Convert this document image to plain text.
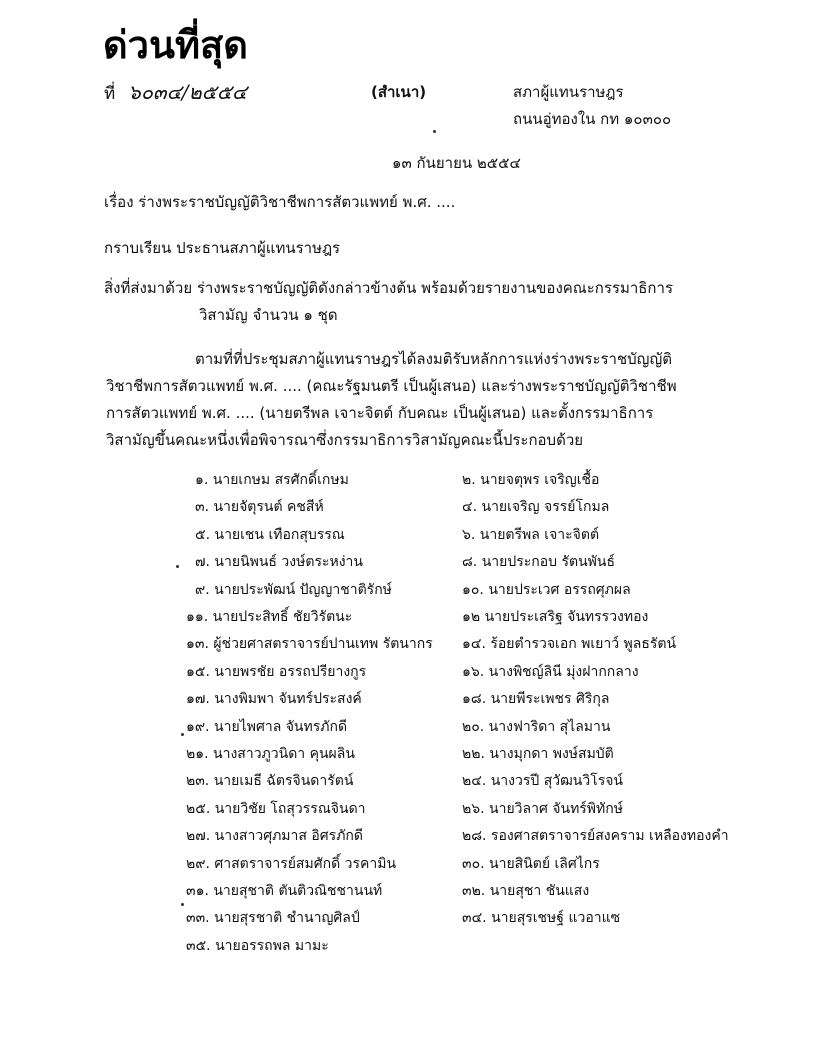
ด่วนที่สุด
ที่ ๖๐๓๔/๒๕๕๔	(สำเนา)	สภาผู้แทนราษฎร
ถนนอู่ทองใน กท ๑๐๓๐๐
๑๓ กันยายน ๒๕๕๔
เรื่อง ร่างพระราชบัญญัติวิชาชีพการสัตวแพทย์ พ.ศ. ....
กราบเรียน ประธานสภาผู้แทนราษฎร
สิ่งที่ส่งมาด้วย ร่างพระราชบัญญัติดังกล่าวข้างต้น พร้อมด้วยรายงานของคณะกรรมาธิการ
วิสามัญ จำนวน ๑ ชุด
ตามที่ที่ประชุมสภาผู้แทนราษฎรได้ลงมติรับหลักการแห่งร่างพระราชบัญญัติ
วิชาชีพการสัตวแพทย์ พ.ศ. .... (คณะรัฐมนตรี เป็นผู้เสนอ) และร่างพระราชบัญญัติวิชาชีพ
การสัตวแพทย์ พ.ศ. .... (นายตรีพล เจาะจิตต์ กับคณะ เป็นผู้เสนอ) และตั้งกรรมาธิการ
วิสามัญขึ้นคณะหนึ่งเพื่อพิจารณาซึ่งกรรมาธิการวิสามัญคณะนี้ประกอบด้วย
๑. นายเกษม สรศักดิ์เกษม
๓. นายจัตุรนต์ คชสีห์
๕. นายเชน เทือกสุบรรณ
๗. นายนิพนธ์ วงษ์ตระหง่าน
๙. นายประพัฒน์ ปัญญาชาติรักษ์
๑๑. นายประสิทธิ์ ชัยวิรัตนะ
๑๓. ผู้ช่วยศาสตราจารย์ปานเทพ รัตนากร
๑๕. นายพรชัย อรรถปรียางกูร
๑๗. นางพิมพา จันทร์ประสงค์
๑๙. นายไพศาล จันทรภักดี
๒๑. นางสาวภูวนิดา คุนผลิน
๒๓. นายเมธี ฉัตรจินดารัตน์
๒๕. นายวิชัย โถสุวรรณจินดา
๒๗. นางสาวศุภมาส อิศรภักดี
๒๙. ศาสตราจารย์สมศักดิ์ วรคามิน
๓๑. นายสุชาติ ตันติวณิชชานนท์
๓๓. นายสุรชาติ ชำนาญศิลป์
๓๕. นายอรรถพล มามะ
๒. นายจตุพร เจริญเชื้อ
๔. นายเจริญ จรรย์โกมล
๖. นายตรีพล เจาะจิตต์
๘. นายประกอบ รัตนพันธ์
๑๐. นายประเวศ อรรถศุภผล
๑๒ นายประเสริฐ จันทรรวงทอง
๑๔. ร้อยตำรวจเอก พเยาว์ พูลธรัตน์
๑๖. นางพิชญ์ลินี มุ่งฝากกลาง
๑๘. นายพีระเพชร ศิริกุล
๒๐. นางฟาริดา สุไลมาน
๒๒. นางมุกดา พงษ์สมบัติ
๒๔. นางวรปี สุวัฒนวิโรจน์
๒๖. นายวิลาศ จันทร์พิทักษ์
๒๘. รองศาสตราจารย์สงคราม เหลืองทองคำ
๓๐. นายสินิตย์ เลิศไกร
๓๒. นายสุชา ชันแสง
๓๔. นายสุรเชษฐ์ แวอาแซ
